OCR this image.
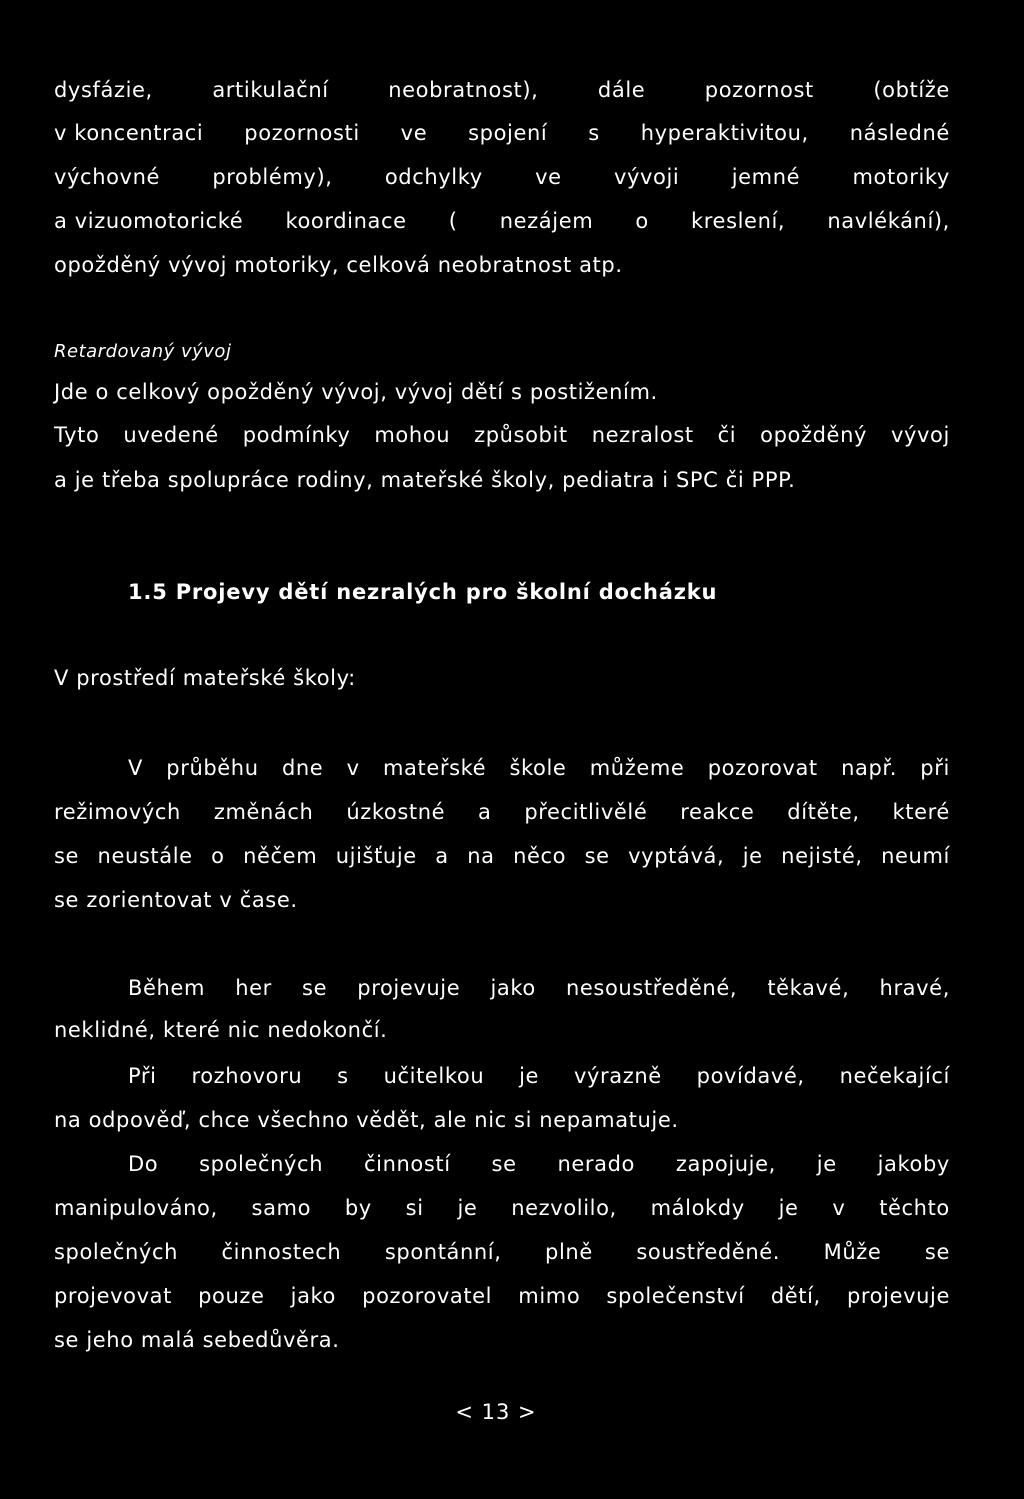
dysfázie,	artikulační	neobratnost),	dále	pozornost	(obtíže
v koncentraci pozornosti ve spojení s hyperaktivitou, následné
výchovné problémy), odchylky ve vývoji jemné motoriky
a vizuomotorické koordinace ( nezájem o kreslení, navlékání),
opožděný vývoj motoriky, celková neobratnost atp.
Retardovaný vývoj
Jde o celkový opožděný vývoj, vývoj dětí s postižením.
Tyto uvedené podmínky mohou způsobit nezralost či opožděný vývoj
a je třeba spolupráce rodiny, mateřské školy, pediatra i SPC či PPP.
1.5 Projevy dětí nezralých pro školní docházku
V prostředí mateřské školy:
V průběhu dne v mateřské škole můžeme pozorovat např. při
režimových změnách úzkostné a přecitlivělé reakce dítěte, které
se neustále o něčem ujišťuje a na něco se vyptává, je nejisté, neumí
se zorientovat v čase.
Během her se projevuje jako nesoustředěné, těkavé, hravé,
neklidné, které nic nedokončí.
Při rozhovoru s učitelkou je výrazně povídavé, nečekající
na odpověď, chce všechno vědět, ale nic si nepamatuje.
Do společných činností se nerado zapojuje, je jakoby
manipulováno, samo by si je nezvolilo, málokdy je v těchto
společných činnostech spontánní, plně soustředěné. Může se
projevovat pouze jako pozorovatel mimo společenství dětí, projevuje
se jeho malá sebedůvěra.
< 13 >
